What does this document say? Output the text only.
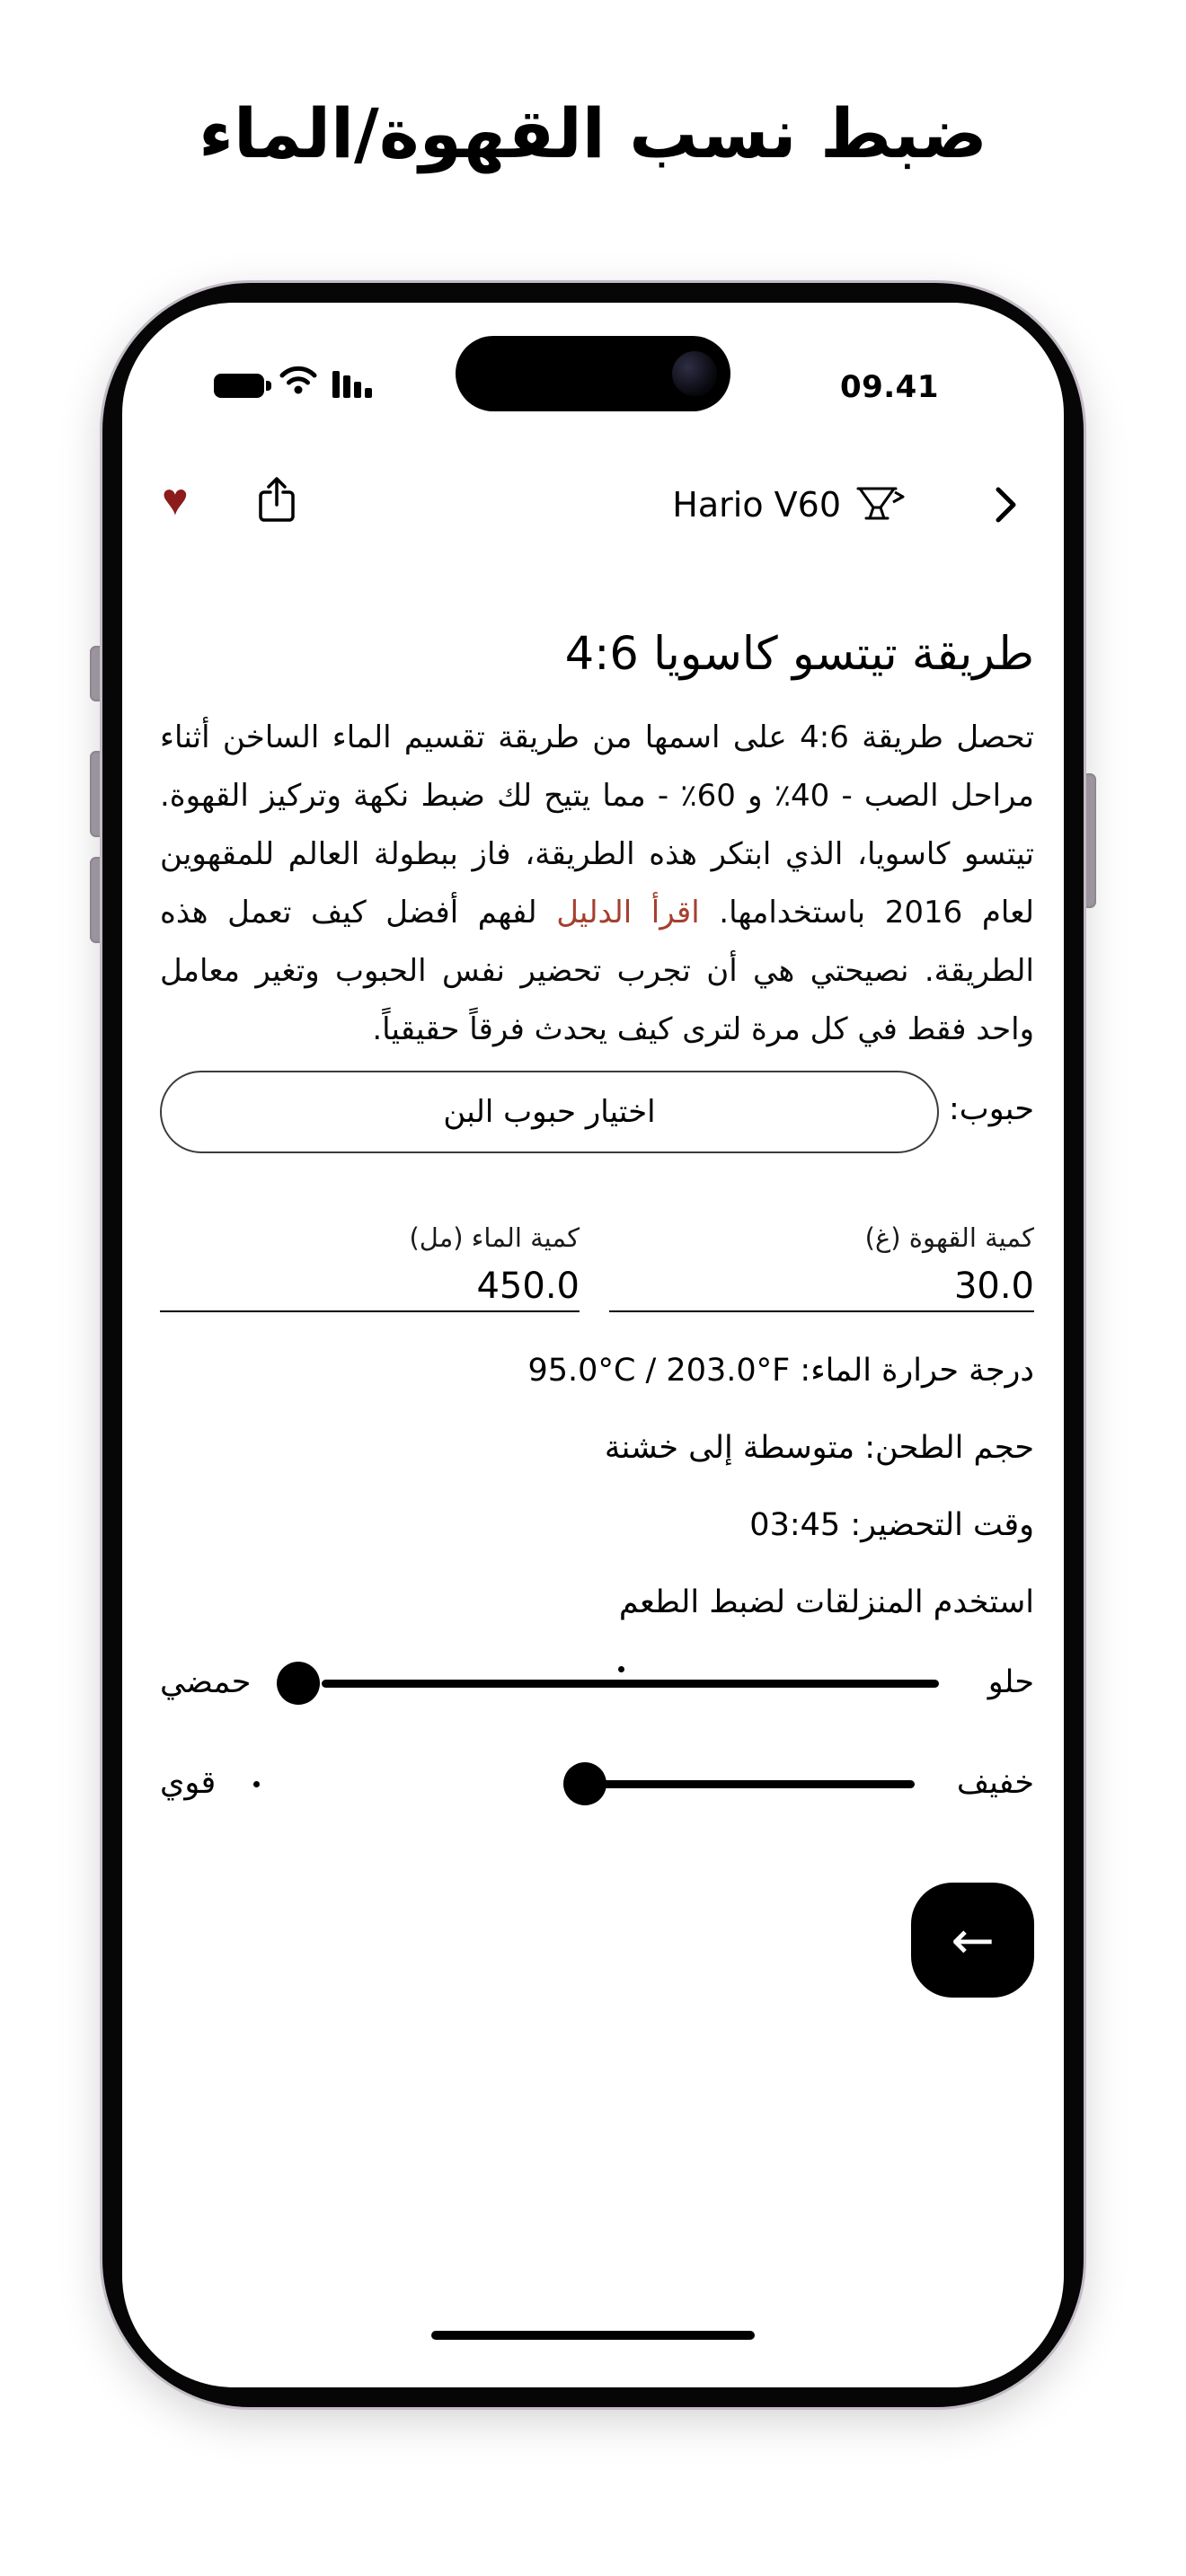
ضبط نسب القهوة/الماء
09.41
♥	Hario V60
طريقة تيتسو كاسويا 4:6

تحصل طريقة 4:6 على اسمها من طريقة تقسيم الماء الساخن أثناء مراحل الصب - 40٪ و 60٪ - مما يتيح لك ضبط نكهة وتركيز القهوة. تيتسو كاسويا، الذي ابتكر هذه الطريقة، فاز ببطولة العالم للمقهوين لعام 2016 باستخدامها. اقرأ الدليل لفهم أفضل كيف تعمل هذه الطريقة. نصيحتي هي أن تجرب تحضير نفس الحبوب وتغير معامل واحد فقط في كل مرة لترى كيف يحدث فرقاً حقيقياً.

حبوب:
اختيار حبوب البن
كمية القهوة (غ)
30.0
كمية الماء (مل)
450.0
درجة حرارة الماء: 95.0°C / 203.0°F
حجم الطحن: متوسطة إلى خشنة
وقت التحضير: 03:45
استخدم المنزلقات لضبط الطعم
حلو
حمضي
خفيف
قوي
←
